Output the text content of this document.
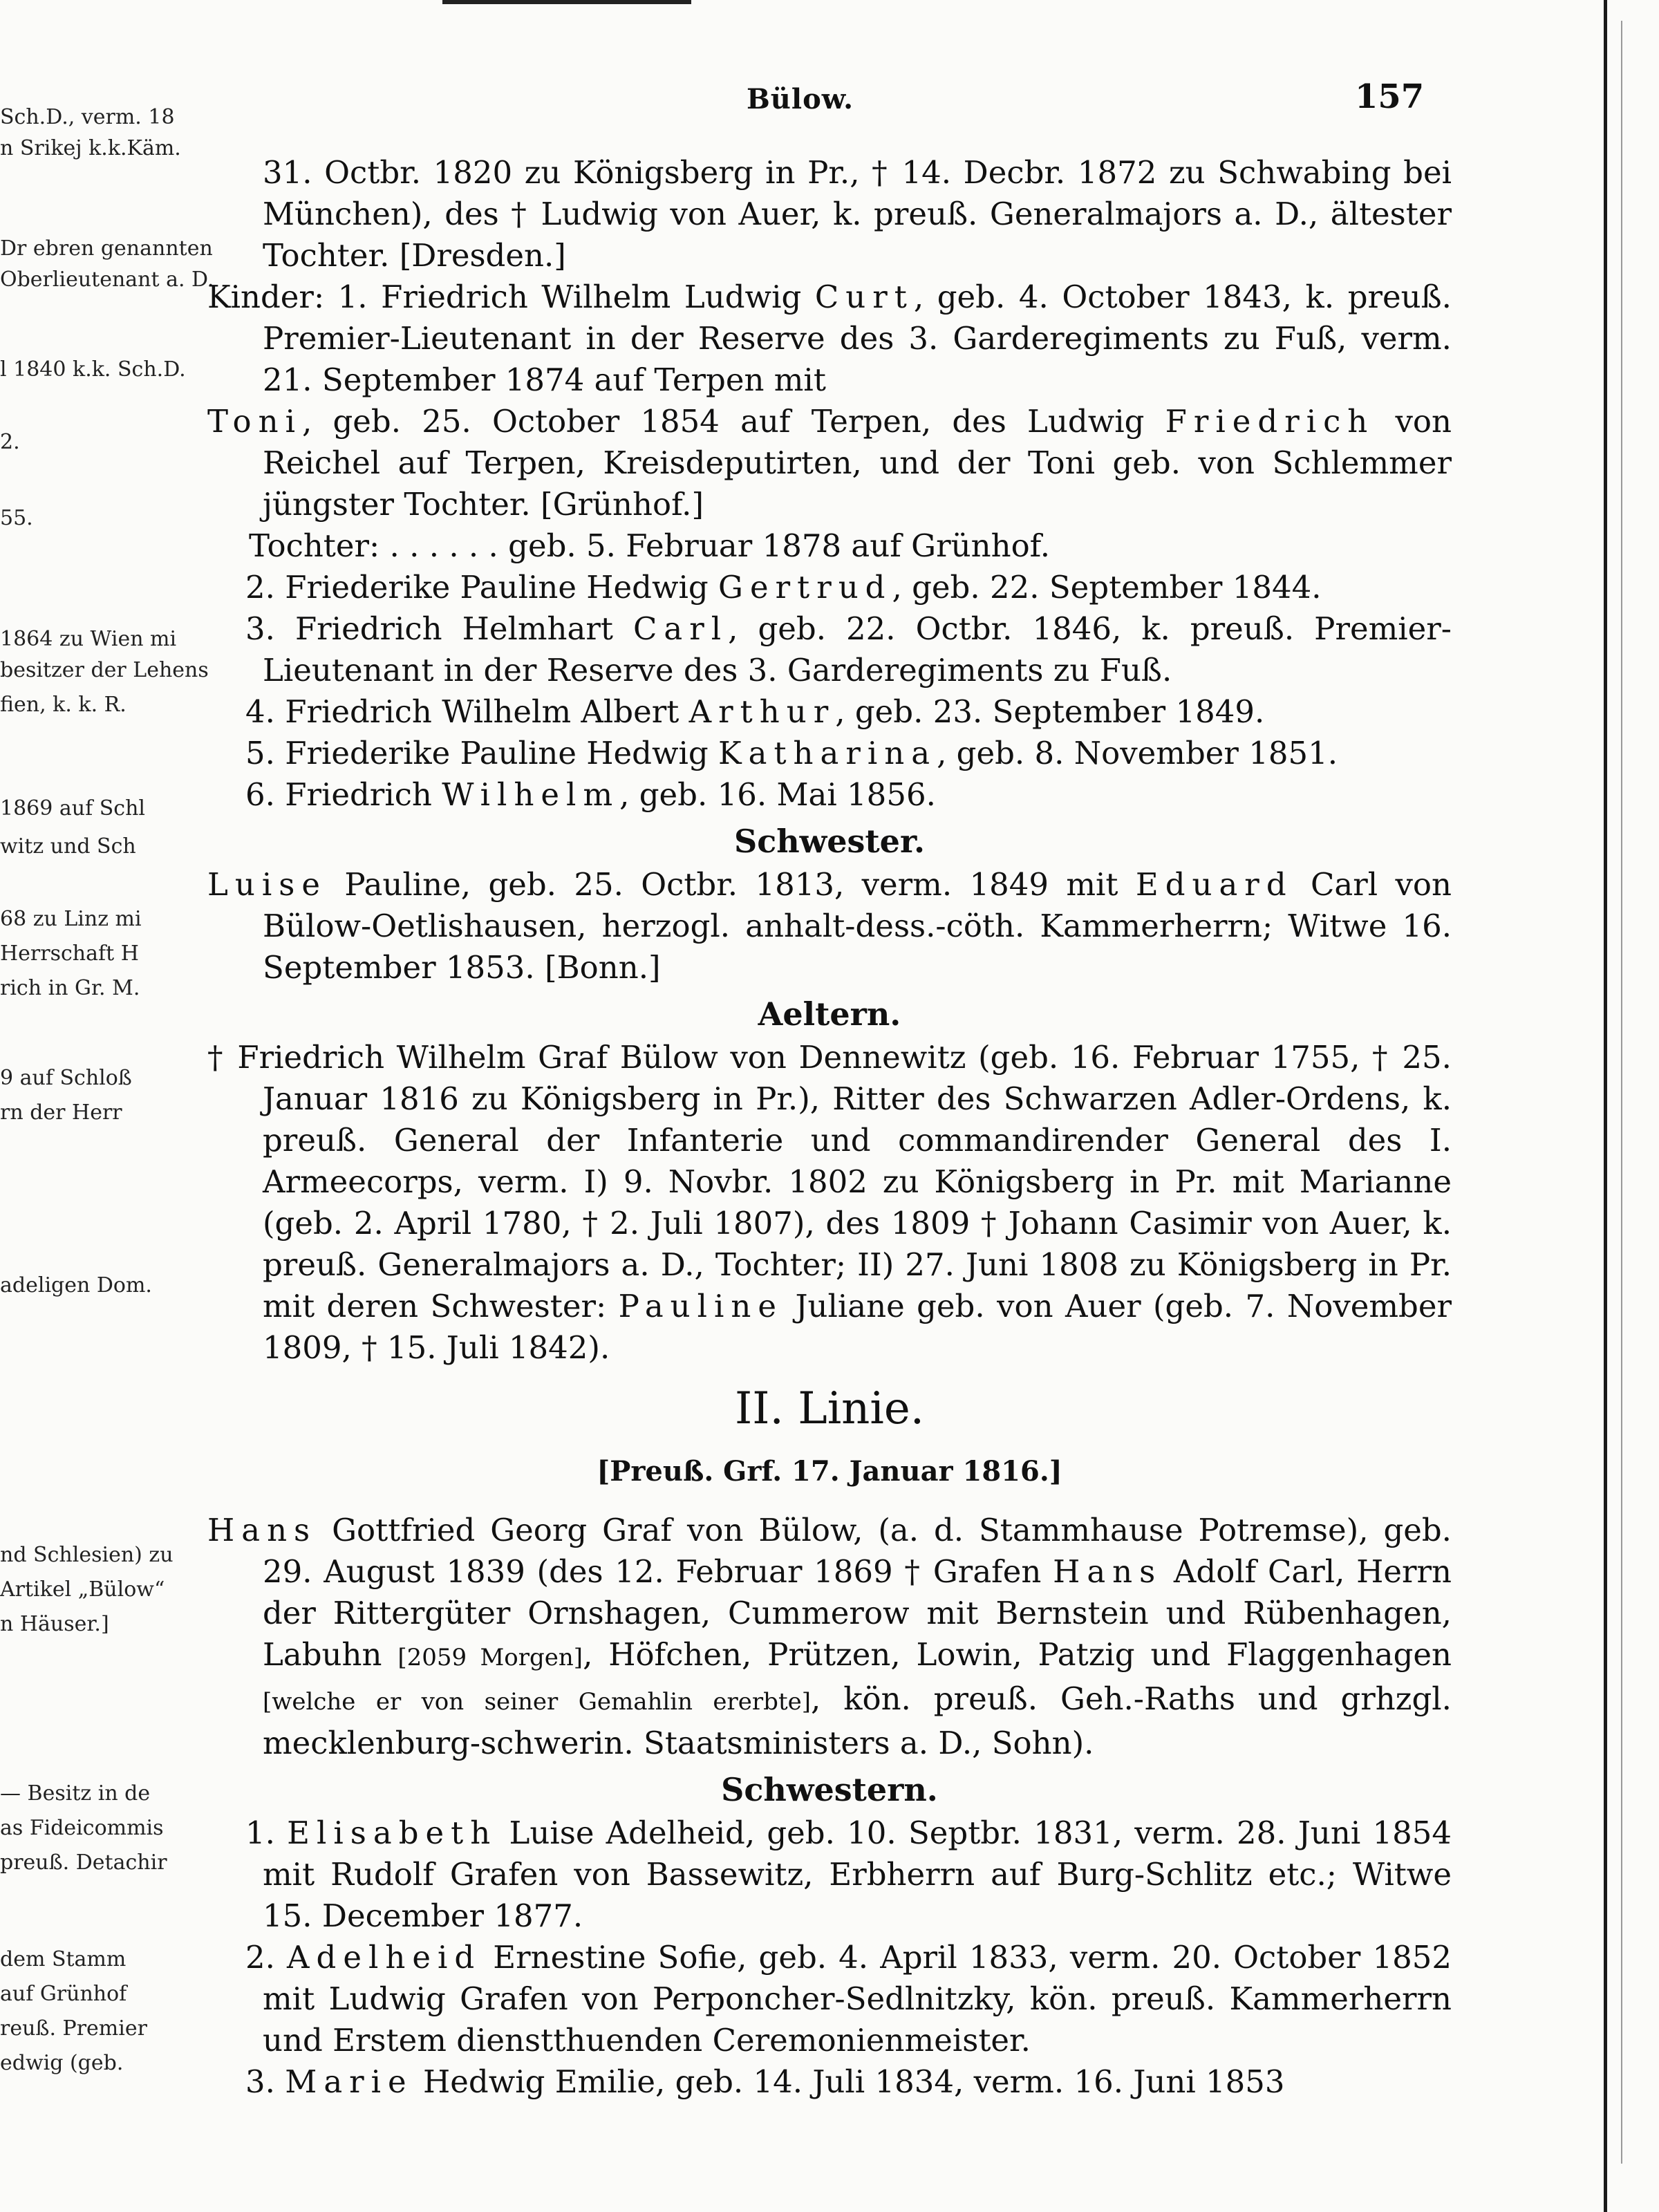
Sch.D., verm. 18
n Srikej k.k.Käm.
Dr ebren genannten
Oberlieutenant a. D.
l 1840 k.k. Sch.D.
2.
55.
1864 zu Wien mi
besitzer der Lehens
fien, k. k. R.
1869 auf Schl
witz und Sch
68 zu Linz mi
Herrschaft H
rich in Gr. M.
9 auf Schloß
rn der Herr
adeligen Dom.
nd Schlesien) zu
Artikel „Bülow“
n Häuser.]
— Besitz in de
as Fideicommis
preuß. Detachir
dem Stamm
auf Grünhof
reuß. Premier
edwig (geb.
Bülow.	157

31. Octbr. 1820 zu Königsberg in Pr., † 14. Decbr. 1872 zu Schwabing bei München), des † Ludwig von Auer, k. preuß. Generalmajors a. D., ältester Tochter. [Dresden.]

Kinder: 1. Friedrich Wilhelm Ludwig Curt, geb. 4. October 1843, k. preuß. Premier-Lieutenant in der Reserve des 3. Garderegiments zu Fuß, verm. 21. September 1874 auf Terpen mit

Toni, geb. 25. October 1854 auf Terpen, des Ludwig Friedrich von Reichel auf Terpen, Kreisdeputirten, und der Toni geb. von Schlemmer jüngster Tochter. [Grünhof.]

Tochter: . . . . . . geb. 5. Februar 1878 auf Grünhof.

2. Friederike Pauline Hedwig Gertrud, geb. 22. September 1844.

3. Friedrich Helmhart Carl, geb. 22. Octbr. 1846, k. preuß. Premier-Lieutenant in der Reserve des 3. Garderegiments zu Fuß.

4. Friedrich Wilhelm Albert Arthur, geb. 23. September 1849.

5. Friederike Pauline Hedwig Katharina, geb. 8. November 1851.

6. Friedrich Wilhelm, geb. 16. Mai 1856.

Schwester.

Luise Pauline, geb. 25. Octbr. 1813, verm. 1849 mit Eduard Carl von Bülow-Oetlishausen, herzogl. anhalt-dess.-cöth. Kammerherrn; Witwe 16. September 1853. [Bonn.]

Aeltern.

† Friedrich Wilhelm Graf Bülow von Dennewitz (geb. 16. Februar 1755, † 25. Januar 1816 zu Königsberg in Pr.), Ritter des Schwarzen Adler-Ordens, k. preuß. General der Infanterie und commandirender General des I. Armeecorps, verm. I) 9. Novbr. 1802 zu Königsberg in Pr. mit Marianne (geb. 2. April 1780, † 2. Juli 1807), des 1809 † Johann Casimir von Auer, k. preuß. Generalmajors a. D., Tochter; II) 27. Juni 1808 zu Königsberg in Pr. mit deren Schwester: Pauline Juliane geb. von Auer (geb. 7. November 1809, † 15. Juli 1842).

II. Linie.
[Preuß. Grf. 17. Januar 1816.]

Hans Gottfried Georg Graf von Bülow, (a. d. Stammhause Potremse), geb. 29. August 1839 (des 12. Februar 1869 † Grafen Hans Adolf Carl, Herrn der Rittergüter Ornshagen, Cummerow mit Bernstein und Rübenhagen, Labuhn [2059 Morgen], Höfchen, Prützen, Lowin, Patzig und Flaggenhagen [welche er von seiner Gemahlin ererbte], kön. preuß. Geh.-Raths und grhzgl. mecklenburg-schwerin. Staatsministers a. D., Sohn).

Schwestern.

1. Elisabeth Luise Adelheid, geb. 10. Septbr. 1831, verm. 28. Juni 1854 mit Rudolf Grafen von Bassewitz, Erbherrn auf Burg-Schlitz etc.; Witwe 15. December 1877.

2. Adelheid Ernestine Sofie, geb. 4. April 1833, verm. 20. October 1852 mit Ludwig Grafen von Perponcher-Sedlnitzky, kön. preuß. Kammerherrn und Erstem dienstthuenden Ceremonienmeister.

3. Marie Hedwig Emilie, geb. 14. Juli 1834, verm. 16. Juni 1853
